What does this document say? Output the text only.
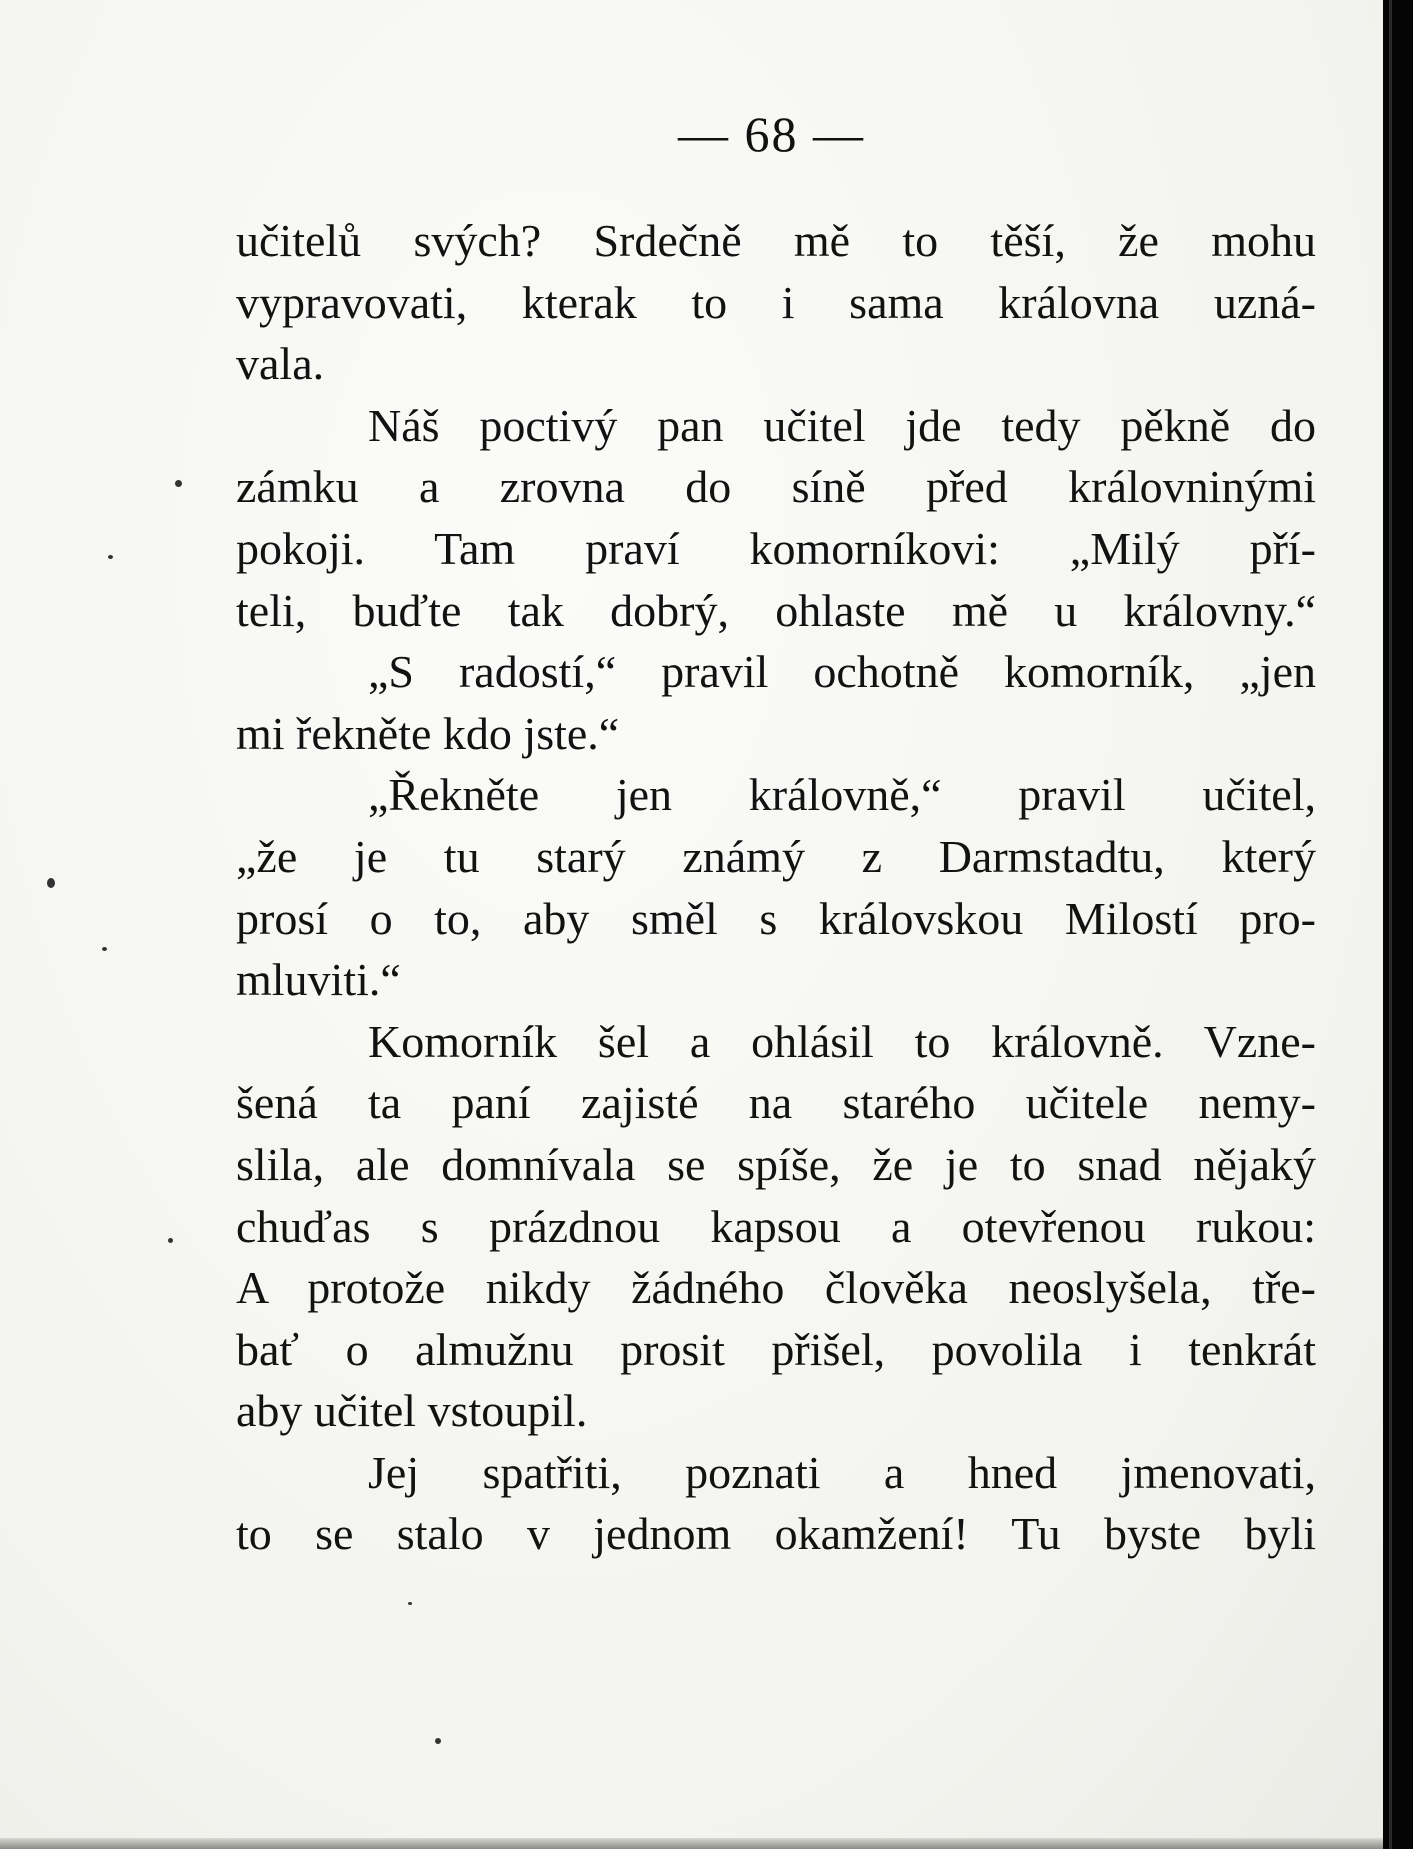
— 68 —
učitelů svých? Srdečně mě to těší, že mohu
vypravovati, kterak to i sama královna uzná-
vala.
Náš poctivý pan učitel jde tedy pěkně do
zámku a zrovna do síně před královninými
pokoji. Tam praví komorníkovi: „Milý pří-
teli, buďte tak dobrý, ohlaste mě u královny.“
„S radostí,“ pravil ochotně komorník, „jen
mi řekněte kdo jste.“
„Řekněte jen královně,“ pravil učitel,
„že je tu starý známý z Darmstadtu, který
prosí o to, aby směl s královskou Milostí pro-
mluviti.“
Komorník šel a ohlásil to královně. Vzne-
šená ta paní zajisté na starého učitele nemy-
slila, ale domnívala se spíše, že je to snad nějaký
chuďas s prázdnou kapsou a otevřenou rukou:
A protože nikdy žádného člověka neoslyšela, tře-
bať o almužnu prosit přišel, povolila i tenkrát
aby učitel vstoupil.
Jej spatřiti, poznati a hned jmenovati,
to se stalo v jednom okamžení! Tu byste byli
